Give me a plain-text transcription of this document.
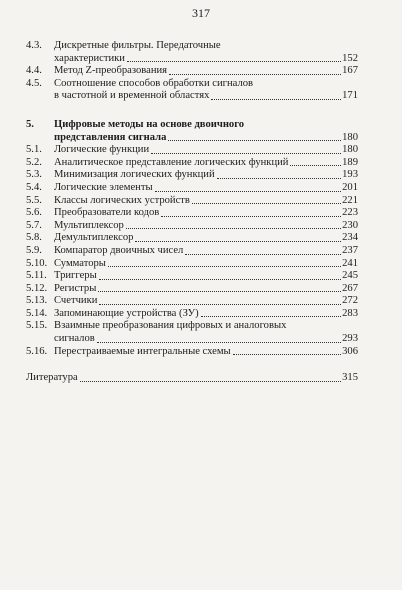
317
4.3.	Дискретные фильтры. Передаточные
характеристики	152
4.4.	Метод Z-преобразования	167
4.5.	Соотношение способов обработки сигналов
в частотной и временной областях	171
5.	Цифровые методы на основе двоичного
представления сигнала	180
5.1.	Логические функции	180
5.2.	Аналитическое представление логических функций	189
5.3.	Минимизация логических функций	193
5.4.	Логические элементы	201
5.5.	Классы логических устройств	221
5.6.	Преобразователи кодов	223
5.7.	Мультиплексор	230
5.8.	Демультиплексор	234
5.9.	Компаратор двоичных чисел	237
5.10. Сумматоры	241
5.11. Триггеры	245
5.12. Регистры	267
5.13. Счетчики	272
5.14. Запоминающие устройства (ЗУ)	283
5.15. Взаимные преобразования цифровых и аналоговых
сигналов	293
5.16. Перестраиваемые интегральные схемы	306
Литература	315
